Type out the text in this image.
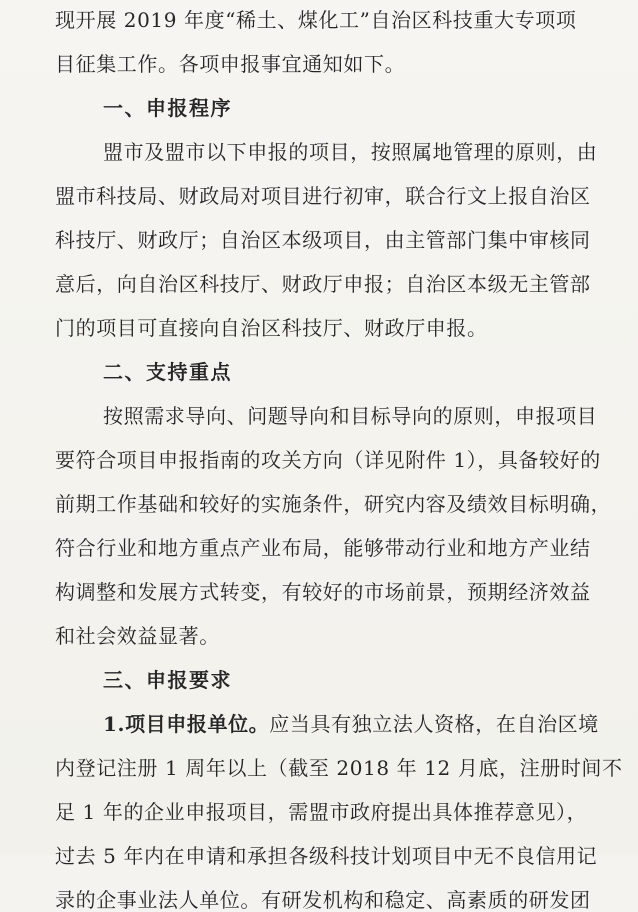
现开展 2019 年度“稀土、煤化工”自治区科技重大专项项
目征集工作。各项申报事宜通知如下。
一、申报程序
盟市及盟市以下申报的项目，按照属地管理的原则，由
盟市科技局、财政局对项目进行初审，联合行文上报自治区
科技厅、财政厅；自治区本级项目，由主管部门集中审核同
意后，向自治区科技厅、财政厅申报；自治区本级无主管部
门的项目可直接向自治区科技厅、财政厅申报。
二、支持重点
按照需求导向、问题导向和目标导向的原则，申报项目
要符合项目申报指南的攻关方向（详见附件 1），具备较好的
前期工作基础和较好的实施条件，研究内容及绩效目标明确，
符合行业和地方重点产业布局，能够带动行业和地方产业结
构调整和发展方式转变，有较好的市场前景，预期经济效益
和社会效益显著。
三、申报要求
1.项目申报单位。应当具有独立法人资格，在自治区境
内登记注册 1 周年以上（截至 2018 年 12 月底，注册时间不
足 1 年的企业申报项目，需盟市政府提出具体推荐意见），
过去 5 年内在申请和承担各级科技计划项目中无不良信用记
录的企事业法人单位。有研发机构和稳定、高素质的研发团
